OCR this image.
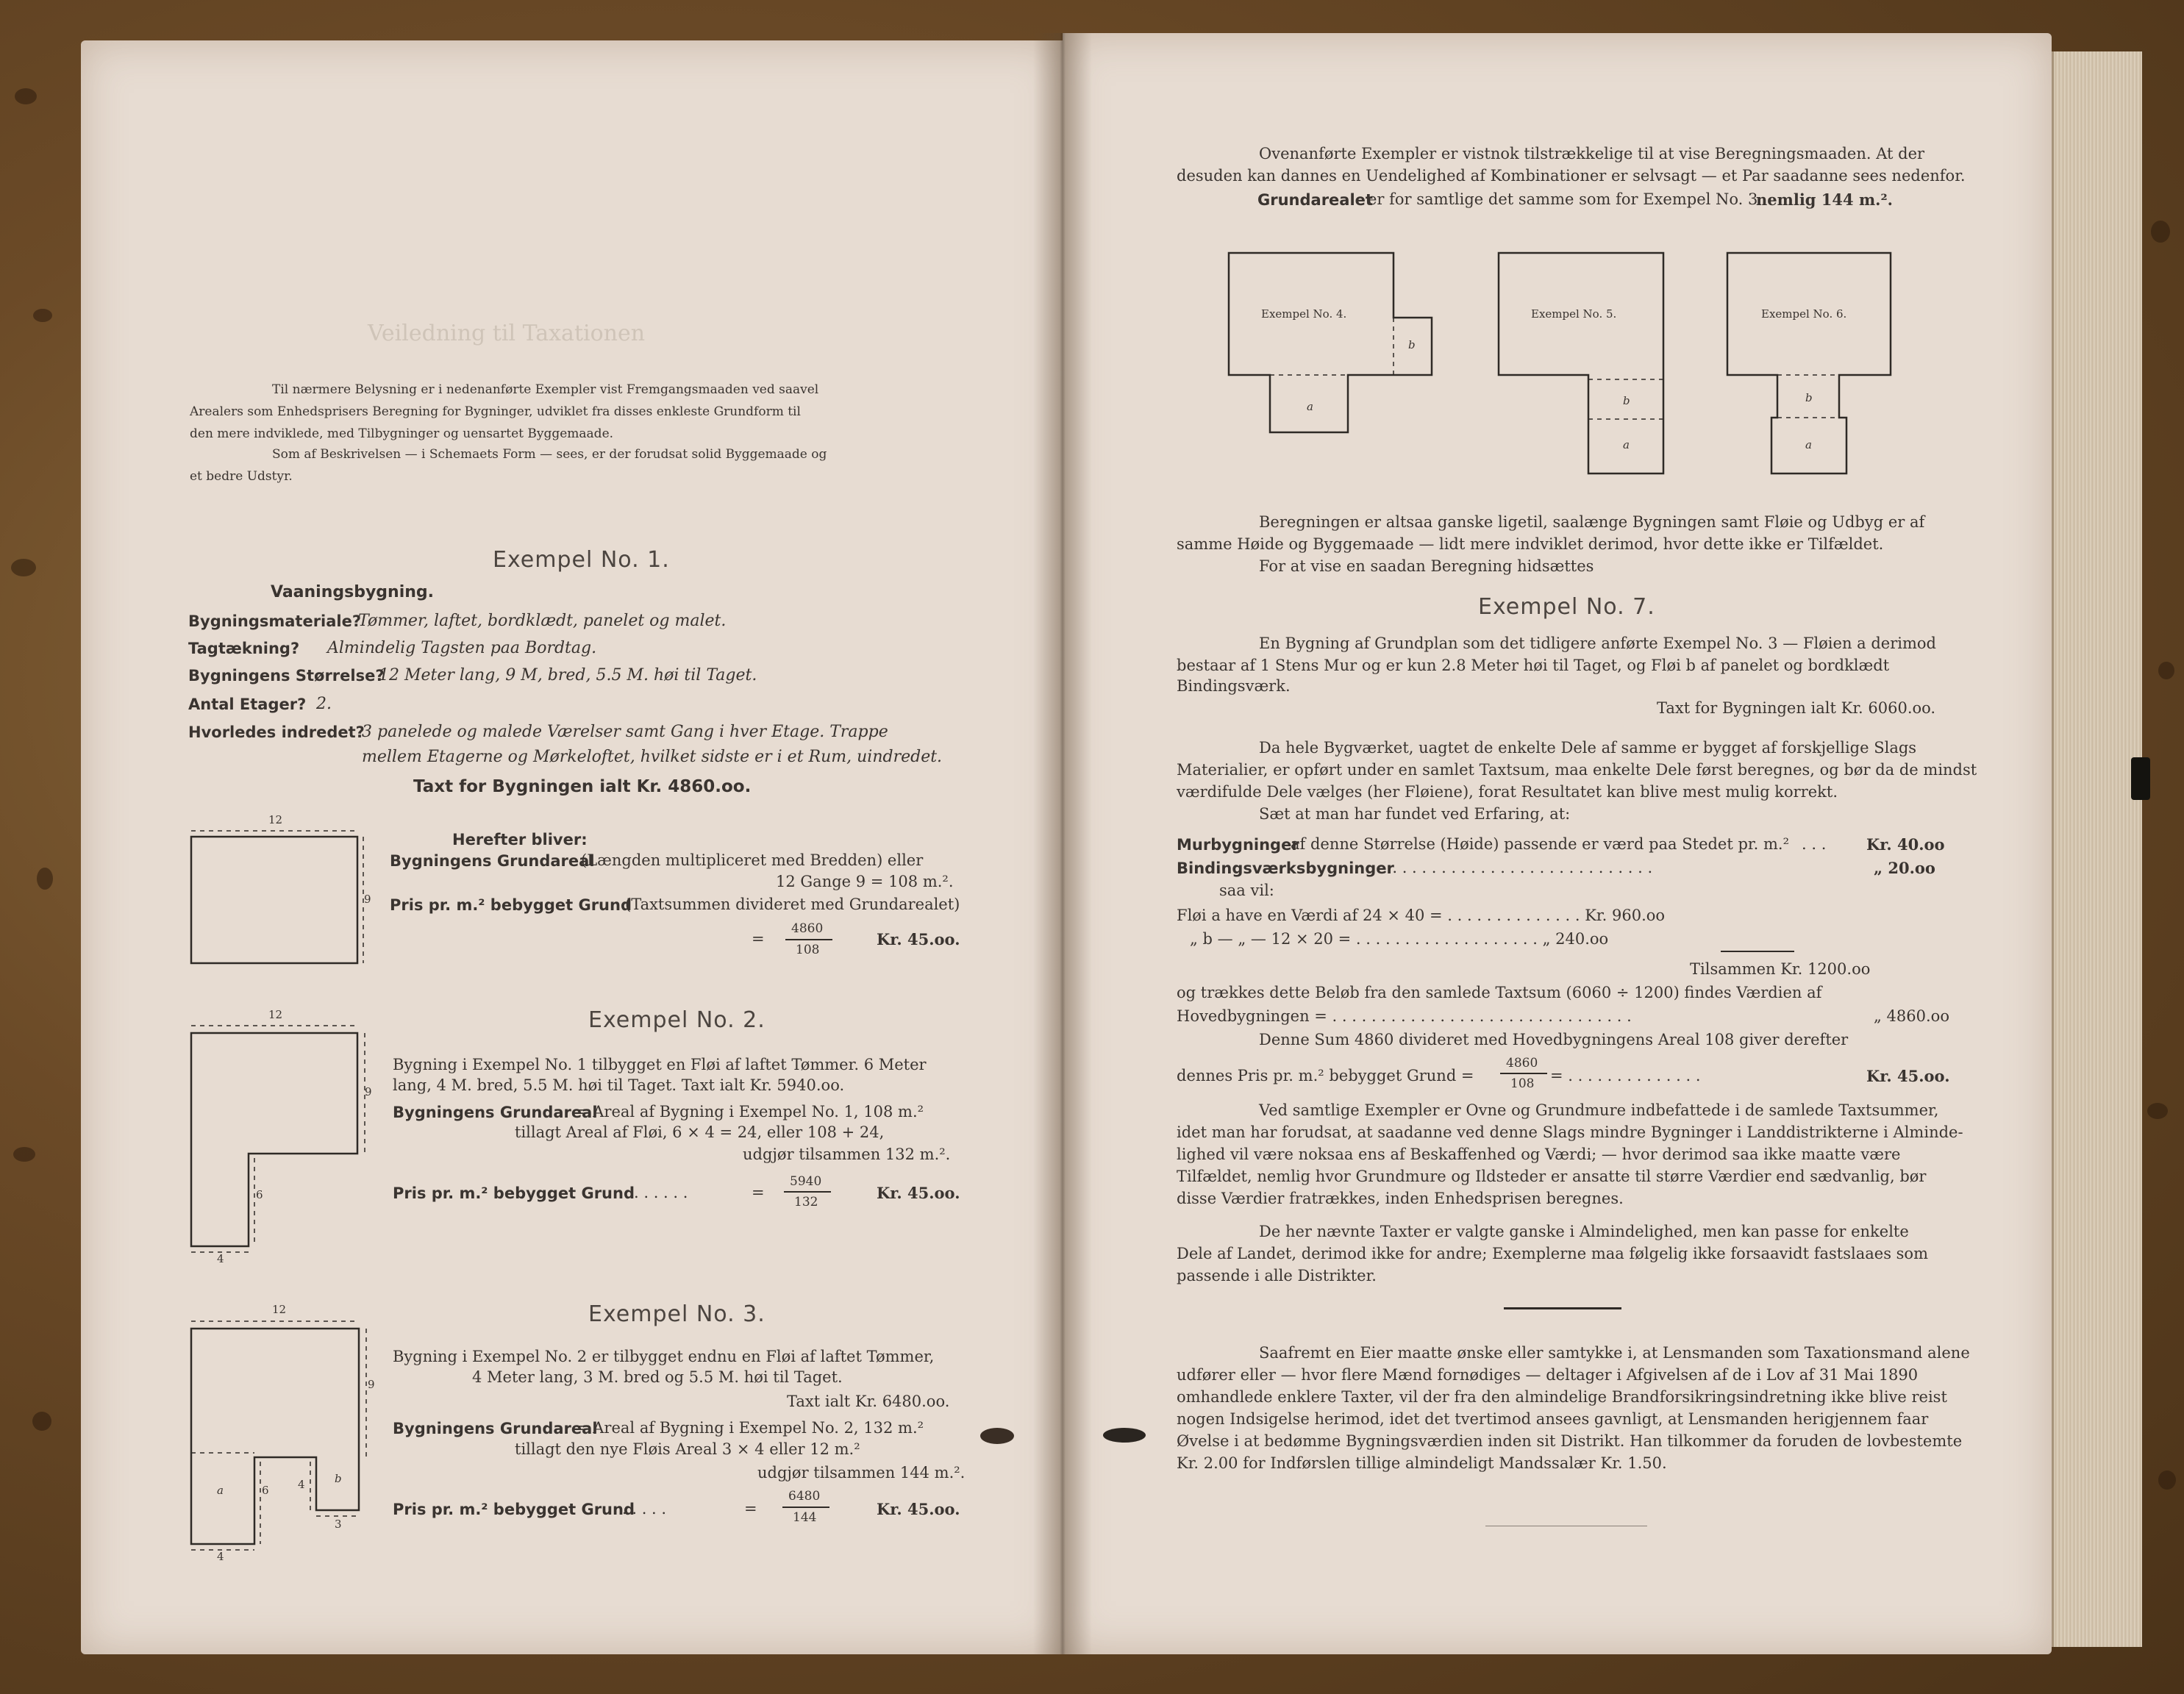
Veiledning til Taxationen
Til nærmere Belysning er i nedenanførte Exempler vist Fremgangsmaaden ved saavel
Arealers som Enhedsprisers Beregning for Bygninger, udviklet fra disses enkleste Grundform til
den mere indviklede, med Tilbygninger og uensartet Byggemaade.
Som af Beskrivelsen — i Schemaets Form — sees, er der forudsat solid Byggemaade og
et bedre Udstyr.
Exempel No. 1.
Vaaningsbygning.
Bygningsmateriale?
Tømmer, laftet, bordklædt, panelet og malet.
Tagtækning? Almindelig Tagsten paa Bordtag.
Bygningens Størrelse?
12 Meter lang, 9 M, bred, 5.5 M. høi til Taget.
Antal Etager? 2.
Hvorledes indredet?
3 panelede og malede Værelser samt Gang i hver Etage. Trappe
mellem Etagerne og Mørkeloftet, hvilket sidste er i et Rum, uindredet.
Taxt for Bygningen ialt Kr. 4860.oo.
12
9
Herefter bliver:
Bygningens Grundareal
(Længden multipliceret med Bredden) eller
12 Gange 9 = 108 m.².
Pris pr. m.² bebygget Grund
(Taxtsummen divideret med Grundarealet)
4860
108
=	Kr. 45.oo.
Exempel No. 2.
12
9
6
4
Bygning i Exempel No. 1 tilbygget en Fløi af laftet Tømmer. 6 Meter
lang, 4 M. bred, 5.5 M. høi til Taget. Taxt ialt Kr. 5940.oo.
Bygningens Grundareal
= Areal af Bygning i Exempel No. 1, 108 m.²
tillagt Areal af Fløi, 6 × 4 = 24, eller 108 + 24,
udgjør tilsammen 132 m.².
Pris pr. m.² bebygget Grund . . . . . .
5940
132
=	Kr. 45.oo.
Exempel No. 3.
12
9
6	4
4
3
a
b
Bygning i Exempel No. 2 er tilbygget endnu en Fløi af laftet Tømmer,
4 Meter lang, 3 M. bred og 5.5 M. høi til Taget.
Taxt ialt Kr. 6480.oo.
Bygningens Grundareal
= Areal af Bygning i Exempel No. 2, 132 m.²
tillagt den nye Fløis Areal 3 × 4 eller 12 m.²
udgjør tilsammen 144 m.².
Pris pr. m.² bebygget Grund
. . . . .
6480
144
=	Kr. 45.oo.
Ovenanførte Exempler er vistnok tilstrækkelige til at vise Beregningsmaaden. At der
desuden kan dannes en Uendelighed af Kombinationer er selvsagt — et Par saadanne sees nedenfor.
Grundarealet
er for samtlige det samme som for Exempel No. 3
nemlig 144 m.².
Exempel No. 4.
b
a
Exempel No. 5.
b
a
Exempel No. 6.
b
a
Beregningen er altsaa ganske ligetil, saalænge Bygningen samt Fløie og Udbyg er af
samme Høide og Byggemaade — lidt mere indviklet derimod, hvor dette ikke er Tilfældet.
For at vise en saadan Beregning hidsættes
Exempel No. 7.
En Bygning af Grundplan som det tidligere anførte Exempel No. 3 — Fløien a derimod
bestaar af 1 Stens Mur og er kun 2.8 Meter høi til Taget, og Fløi b af panelet og bordklædt
Bindingsværk.
Taxt for Bygningen ialt Kr. 6060.oo.
Da hele Bygværket, uagtet de enkelte Dele af samme er bygget af forskjellige Slags
Materialier, er opført under en samlet Taxtsum, maa enkelte Dele først beregnes, og bør da de mindst
værdifulde Dele vælges (her Fløiene), forat Resultatet kan blive mest mulig korrekt.
Sæt at man har fundet ved Erfaring, at:
Murbygninger
af denne Størrelse (Høide) passende er værd paa Stedet pr. m.² . . .	Kr. 40.oo
Bindingsværksbygninger
. . . . . . . . . . . . . . . . . . . . . . . . . . . .	„ 20.oo
saa vil:
Fløi a have en Værdi af 24 × 40 = . . . . . . . . . . . . . . Kr. 960.oo
„ b — „ — 12 × 20 = . . . . . . . . . . . . . . . . . . . „ 240.oo
Tilsammen Kr. 1200.oo
og trækkes dette Beløb fra den samlede Taxtsum (6060 ÷ 1200) findes Værdien af
Hovedbygningen = . . . . . . . . . . . . . . . . . . . . . . . . . . . . . . .	„ 4860.oo
Denne Sum 4860 divideret med Hovedbygningens Areal 108 giver derefter
dennes Pris pr. m.² bebygget Grund =
4860
108 = . . . . . . . . . . . . . .	Kr. 45.oo.
Ved samtlige Exempler er Ovne og Grundmure indbefattede i de samlede Taxtsummer,
idet man har forudsat, at saadanne ved denne Slags mindre Bygninger i Landdistrikterne i Alminde-
lighed vil være noksaa ens af Beskaffenhed og Værdi; — hvor derimod saa ikke maatte være
Tilfældet, nemlig hvor Grundmure og Ildsteder er ansatte til større Værdier end sædvanlig, bør
disse Værdier fratrækkes, inden Enhedsprisen beregnes.
De her nævnte Taxter er valgte ganske i Almindelighed, men kan passe for enkelte
Dele af Landet, derimod ikke for andre; Exemplerne maa følgelig ikke forsaavidt fastslaaes som
passende i alle Distrikter.
Saafremt en Eier maatte ønske eller samtykke i, at Lensmanden som Taxationsmand alene
udfører eller — hvor flere Mænd fornødiges — deltager i Afgivelsen af de i Lov af 31 Mai 1890
omhandlede enklere Taxter, vil der fra den almindelige Brandforsikringsindretning ikke blive reist
nogen Indsigelse herimod, idet det tvertimod ansees gavnligt, at Lensmanden herigjennem faar
Øvelse i at bedømme Bygningsværdien inden sit Distrikt. Han tilkommer da foruden de lovbestemte
Kr. 2.00 for Indførslen tillige almindeligt Mandssalær Kr. 1.50.
